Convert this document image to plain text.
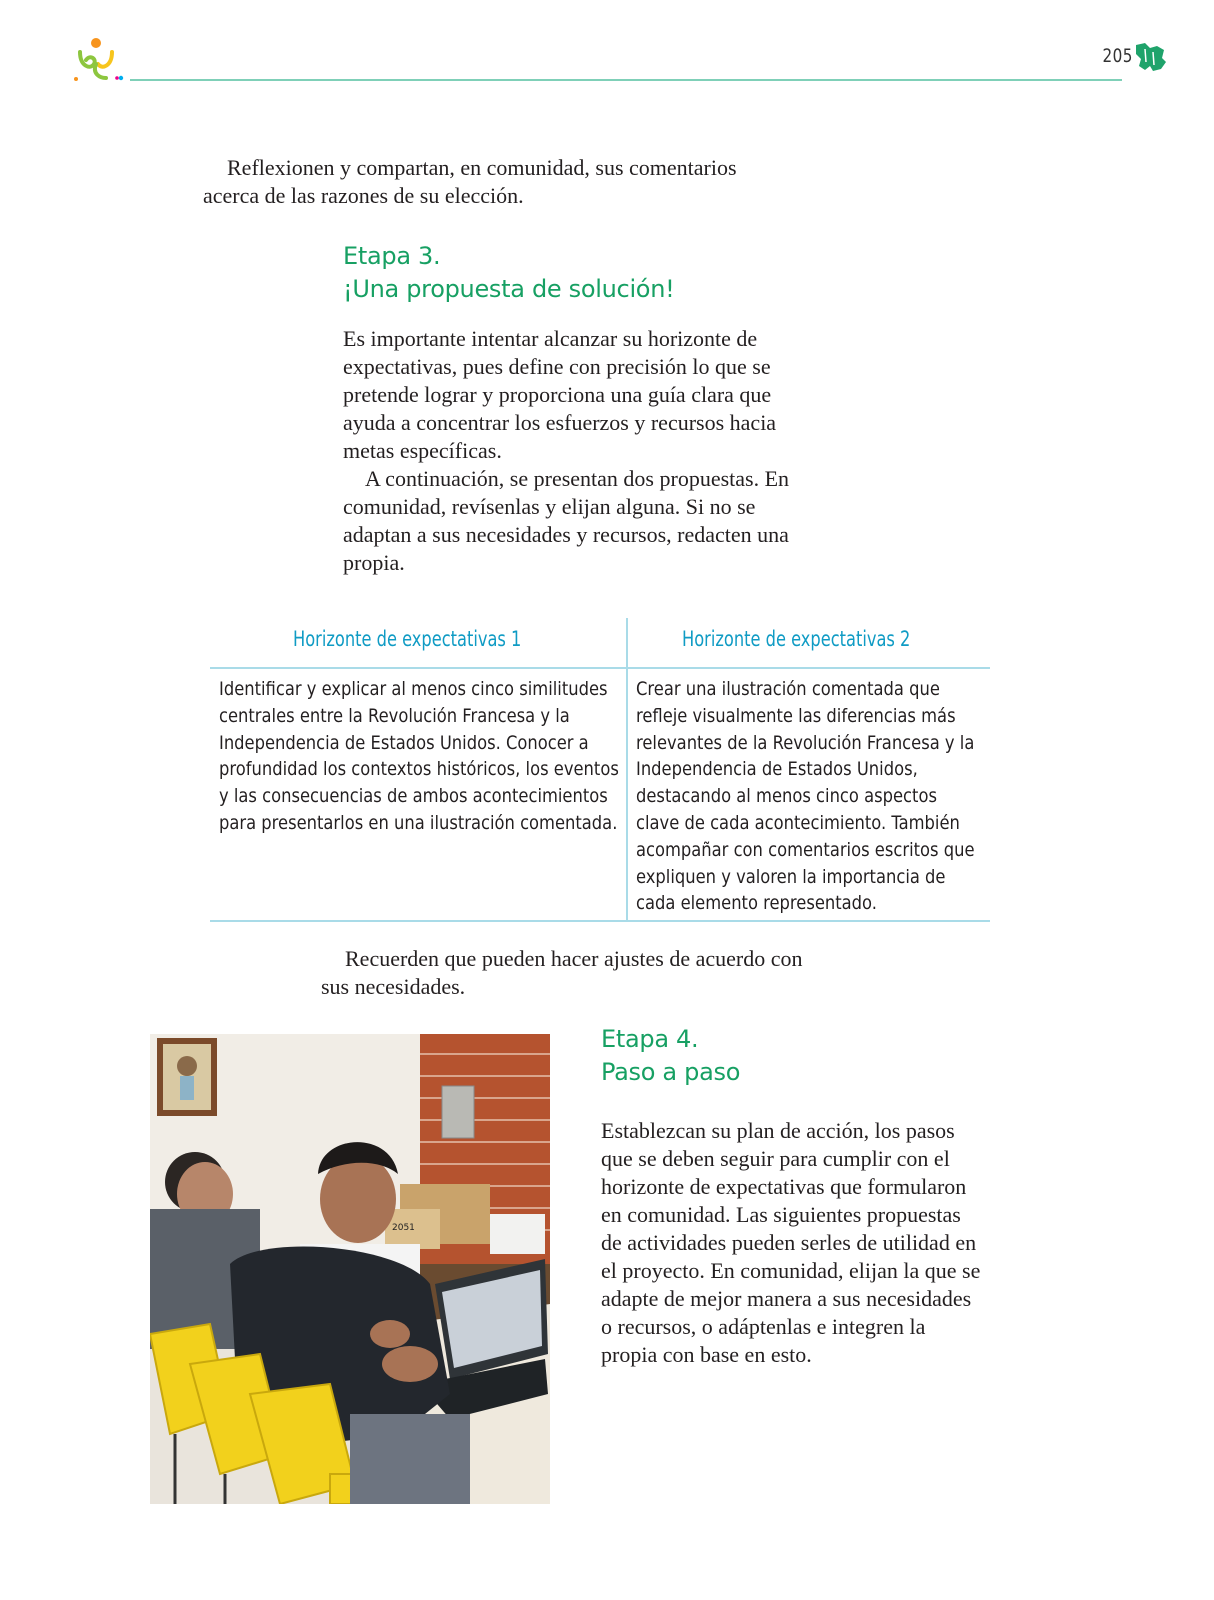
205
Reflexionen y compartan, en comunidad, sus comentarios acerca de las razones de su elección.
Etapa 3.
¡Una propuesta de solución!
Es importante intentar alcanzar su horizonte de expectativas, pues define con precisión lo que se pretende lograr y proporciona una guía clara que ayuda a concentrar los esfuerzos y recursos hacia metas específicas.
A continuación, se presentan dos propuestas. En comunidad, revísenlas y elijan alguna. Si no se adaptan a sus necesidades y recursos, redacten una propia.
Horizonte de expectativas 1	Horizonte de expectativas 2
Identificar y explicar al menos cinco similitudes centrales entre la Revolución Francesa y la Independencia de Estados Unidos. Conocer a profundidad los contextos históricos, los eventos y las consecuencias de ambos acontecimientos para presentarlos en una ilustración comentada.
Crear una ilustración comentada que refleje visualmente las diferencias más relevantes de la Revolución Francesa y la Independencia de Estados Unidos, destacando al menos cinco aspectos clave de cada acontecimiento. También acompañar con comentarios escritos que expliquen y valoren la importancia de cada elemento representado.
Recuerden que pueden hacer ajustes de acuerdo con sus necesidades.
2051
Etapa 4.
Paso a paso
Establezcan su plan de acción, los pasos que se deben seguir para cumplir con el horizonte de expectativas que formularon en comunidad. Las siguientes propuestas de actividades pueden serles de utilidad en el proyecto. En comunidad, elijan la que se adapte de mejor manera a sus necesidades o recursos, o adáptenlas e integren la propia con base en esto.
